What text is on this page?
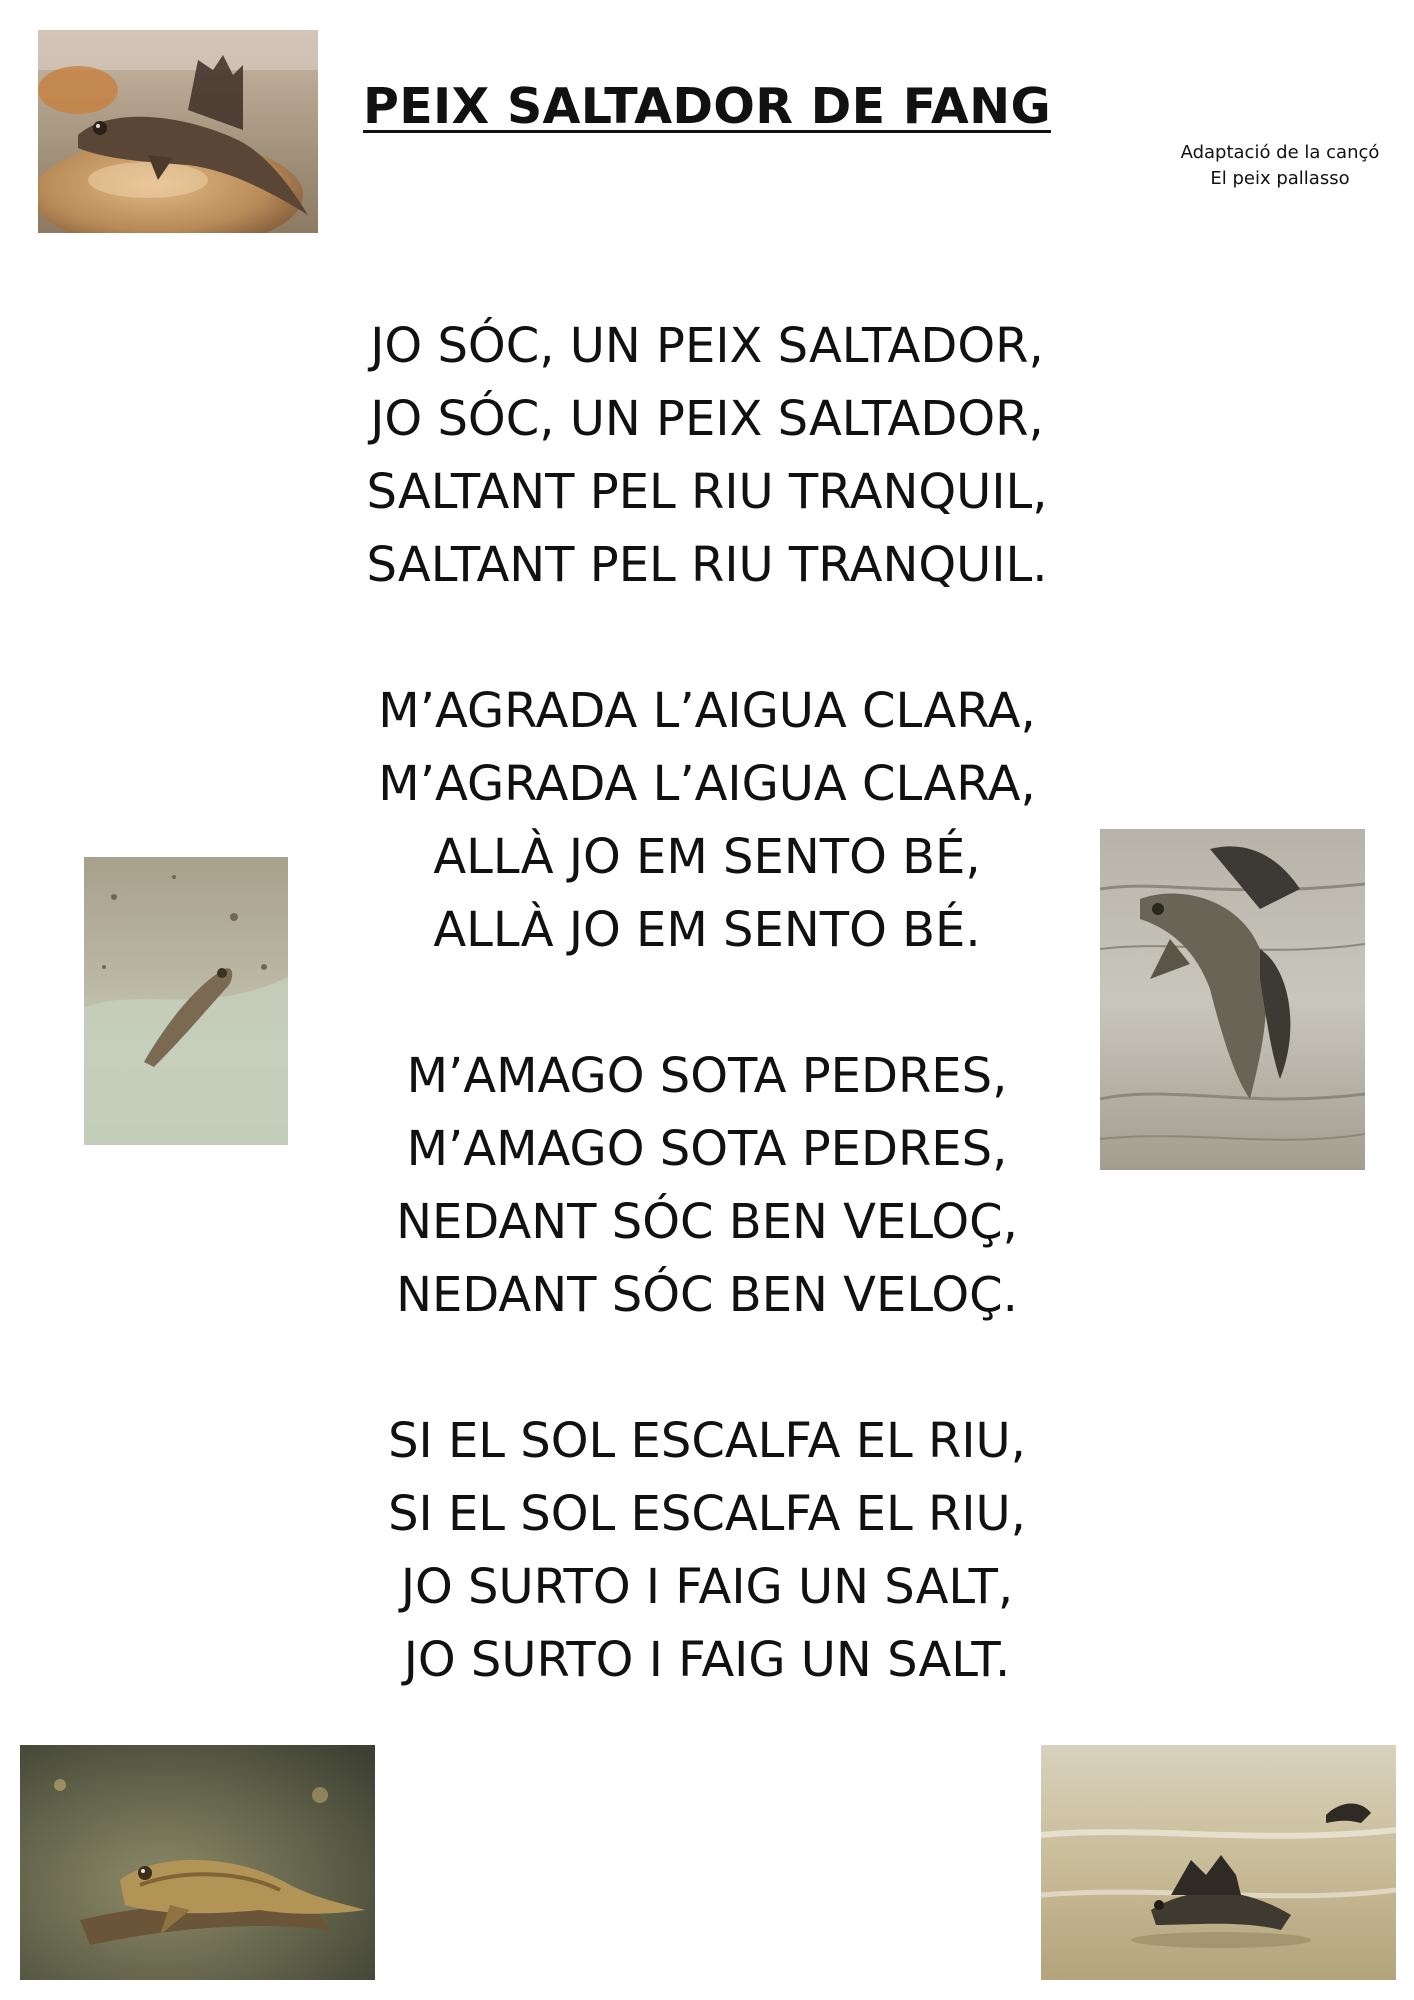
PEIX SALTADOR DE FANG
Adaptació de la cançó
El peix pallasso
JO SÓC, UN PEIX SALTADOR,
JO SÓC, UN PEIX SALTADOR,
SALTANT PEL RIU TRANQUIL,
SALTANT PEL RIU TRANQUIL.
M’AGRADA L’AIGUA CLARA,
M’AGRADA L’AIGUA CLARA,
ALLÀ JO EM SENTO BÉ,
ALLÀ JO EM SENTO BÉ.
M’AMAGO SOTA PEDRES,
M’AMAGO SOTA PEDRES,
NEDANT SÓC BEN VELOÇ,
NEDANT SÓC BEN VELOÇ.
SI EL SOL ESCALFA EL RIU,
SI EL SOL ESCALFA EL RIU,
JO SURTO I FAIG UN SALT,
JO SURTO I FAIG UN SALT.
